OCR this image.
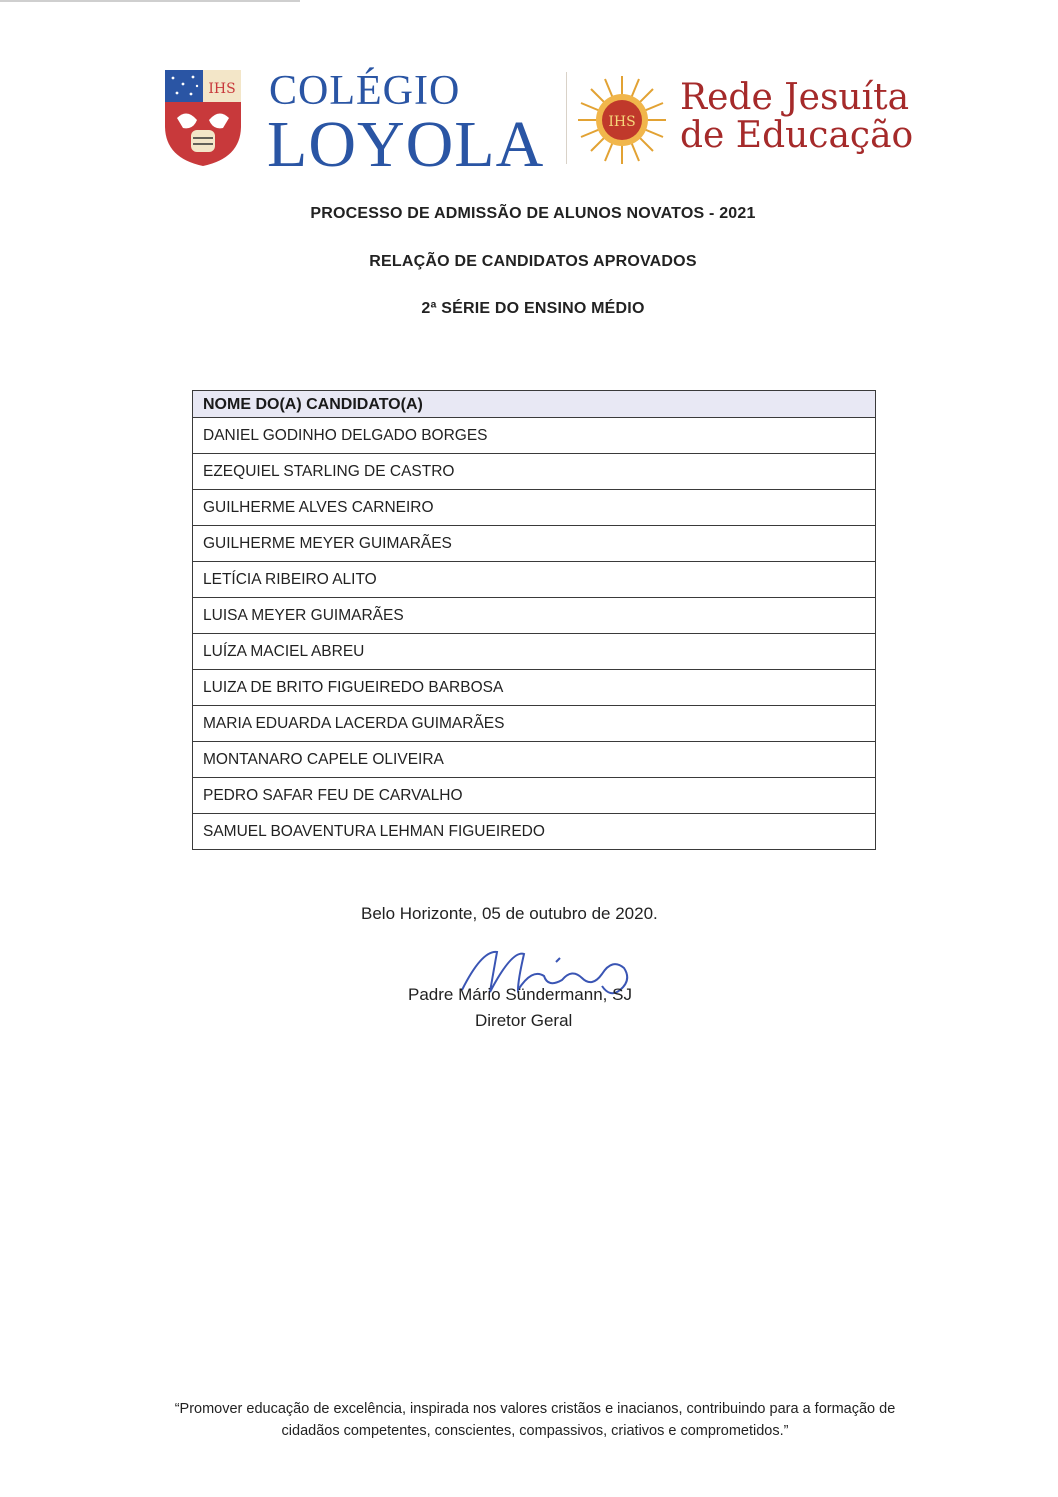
IHS COLÉGIO
LOYOLA	IHS
Rede Jesuíta
de Educação
PROCESSO DE ADMISSÃO DE ALUNOS NOVATOS - 2021
RELAÇÃO DE CANDIDATOS APROVADOS
2ª SÉRIE DO ENSINO MÉDIO
NOME DO(A) CANDIDATO(A)
DANIEL GODINHO DELGADO BORGES
EZEQUIEL STARLING DE CASTRO
GUILHERME ALVES CARNEIRO
GUILHERME MEYER GUIMARÃES
LETÍCIA RIBEIRO ALITO
LUISA MEYER GUIMARÃES
LUÍZA MACIEL ABREU
LUIZA DE BRITO FIGUEIREDO BARBOSA
MARIA EDUARDA LACERDA GUIMARÃES
MONTANARO CAPELE OLIVEIRA
PEDRO SAFAR FEU DE CARVALHO
SAMUEL BOAVENTURA LEHMAN FIGUEIREDO
Belo Horizonte, 05 de outubro de 2020.
Padre Mário Sündermann, SJ
Diretor Geral
“Promover educação de excelência, inspirada nos valores cristãos e inacianos, contribuindo para a formação de
cidadãos competentes, conscientes, compassivos, criativos e comprometidos.”
